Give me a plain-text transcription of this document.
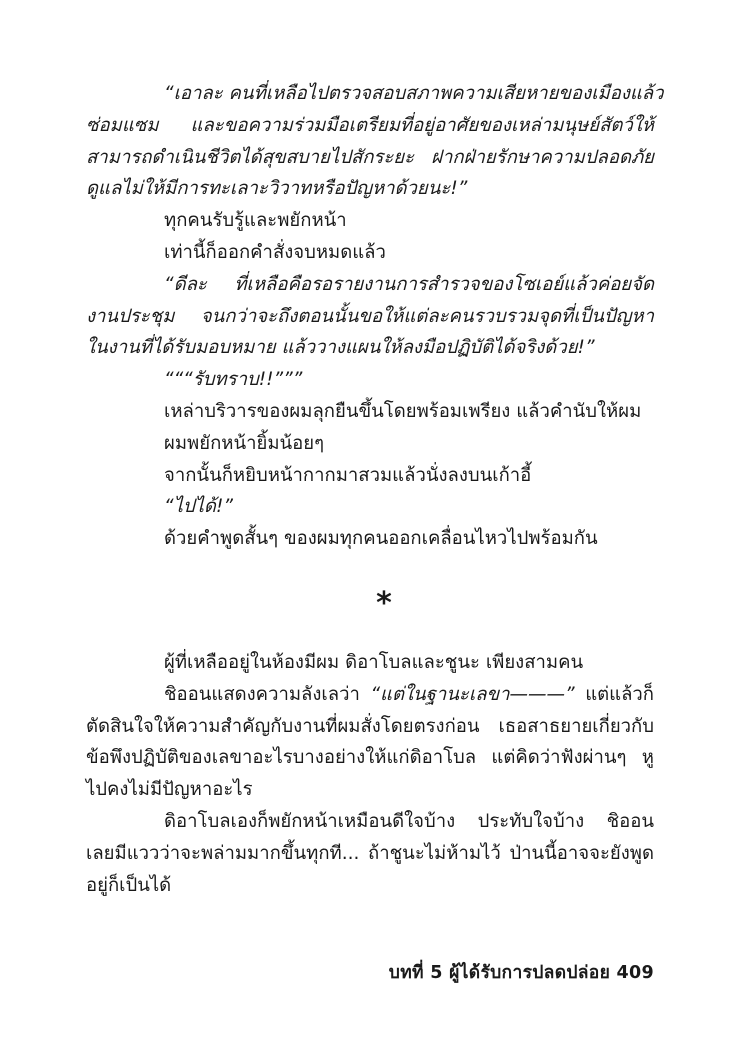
“เอาละ คนที่เหลือไปตรวจสอบสภาพความเสียหายของเมืองแล้ว
ซ่อมแซม และขอความร่วมมือเตรียมที่อยู่อาศัยของเหล่ามนุษย์สัตว์ให้
สามารถดำเนินชีวิตได้สุขสบายไปสักระยะ ฝากฝ่ายรักษาความปลอดภัย
ดูแลไม่ให้มีการทะเลาะวิวาทหรือปัญหาด้วยนะ!”
ทุกคนรับรู้และพยักหน้า
เท่านี้ก็ออกคำสั่งจบหมดแล้ว
“ดีละ ที่เหลือคือรอรายงานการสำรวจของโซเอย์แล้วค่อยจัด
งานประชุม จนกว่าจะถึงตอนนั้นขอให้แต่ละคนรวบรวมจุดที่เป็นปัญหา
ในงานที่ได้รับมอบหมาย แล้ววางแผนให้ลงมือปฏิบัติได้จริงด้วย!”
“““รับทราบ!!”””
เหล่าบริวารของผมลุกยืนขึ้นโดยพร้อมเพรียง แล้วคำนับให้ผม
ผมพยักหน้ายิ้มน้อยๆ
จากนั้นก็หยิบหน้ากากมาสวมแล้วนั่งลงบนเก้าอี้
“ไปได้!”
ด้วยคำพูดสั้นๆ ของผมทุกคนออกเคลื่อนไหวไปพร้อมกัน
*
ผู้ที่เหลืออยู่ในห้องมีผม ดิอาโบลและชูนะ เพียงสามคน
ชิออนแสดงความลังเลว่า “แต่ในฐานะเลขา———” แต่แล้วก็
ตัดสินใจให้ความสำคัญกับงานที่ผมสั่งโดยตรงก่อน เธอสาธยายเกี่ยวกับ
ข้อพึงปฏิบัติของเลขาอะไรบางอย่างให้แก่ดิอาโบล แต่คิดว่าฟังผ่านๆ หู
ไปคงไม่มีปัญหาอะไร
ดิอาโบลเองก็พยักหน้าเหมือนดีใจบ้าง ประทับใจบ้าง ชิออน
เลยมีแววว่าจะพล่ามมากขึ้นทุกที... ถ้าชูนะไม่ห้ามไว้ ป่านนี้อาจจะยังพูด
อยู่ก็เป็นได้
บทที่ 5 ผู้ได้รับการปลดปล่อย 409
